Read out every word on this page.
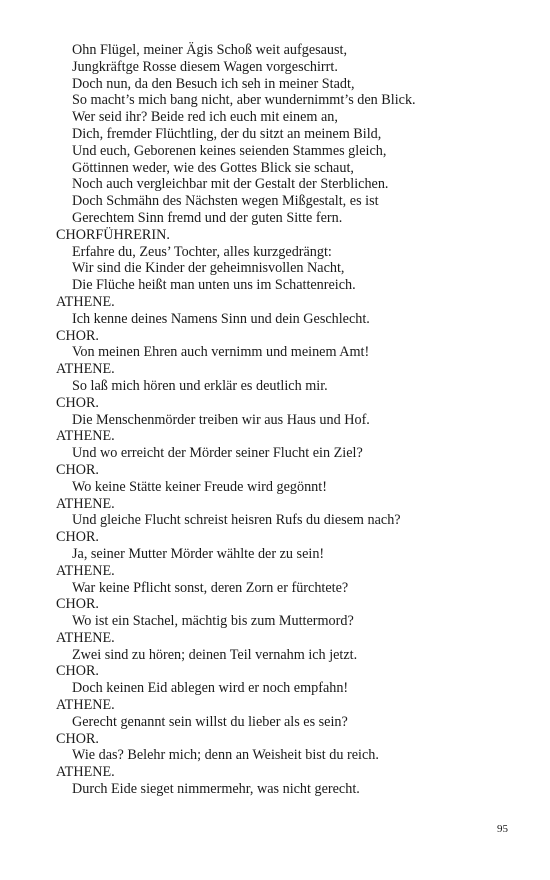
Ohn Flügel, meiner Ägis Schoß weit aufgesaust,
Jungkräftge Rosse diesem Wagen vorgeschirrt.
Doch nun, da den Besuch ich seh in meiner Stadt,
So macht’s mich bang nicht, aber wundernimmt’s den Blick.
Wer seid ihr? Beide red ich euch mit einem an,
Dich, fremder Flüchtling, der du sitzt an meinem Bild,
Und euch, Geborenen keines seienden Stammes gleich,
Göttinnen weder, wie des Gottes Blick sie schaut,
Noch auch vergleichbar mit der Gestalt der Sterblichen.
Doch Schmähn des Nächsten wegen Mißgestalt, es ist
Gerechtem Sinn fremd und der guten Sitte fern.
CHORFÜHRERIN.
Erfahre du, Zeus’ Tochter, alles kurzgedrängt:
Wir sind die Kinder der geheimnisvollen Nacht,
Die Flüche heißt man unten uns im Schattenreich.
ATHENE.
Ich kenne deines Namens Sinn und dein Geschlecht.
CHOR.
Von meinen Ehren auch vernimm und meinem Amt!
ATHENE.
So laß mich hören und erklär es deutlich mir.
CHOR.
Die Menschenmörder treiben wir aus Haus und Hof.
ATHENE.
Und wo erreicht der Mörder seiner Flucht ein Ziel?
CHOR.
Wo keine Stätte keiner Freude wird gegönnt!
ATHENE.
Und gleiche Flucht schreist heisren Rufs du diesem nach?
CHOR.
Ja, seiner Mutter Mörder wählte der zu sein!
ATHENE.
War keine Pflicht sonst, deren Zorn er fürchtete?
CHOR.
Wo ist ein Stachel, mächtig bis zum Muttermord?
ATHENE.
Zwei sind zu hören; deinen Teil vernahm ich jetzt.
CHOR.
Doch keinen Eid ablegen wird er noch empfahn!
ATHENE.
Gerecht genannt sein willst du lieber als es sein?
CHOR.
Wie das? Belehr mich; denn an Weisheit bist du reich.
ATHENE.
Durch Eide sieget nimmermehr, was nicht gerecht.
95
